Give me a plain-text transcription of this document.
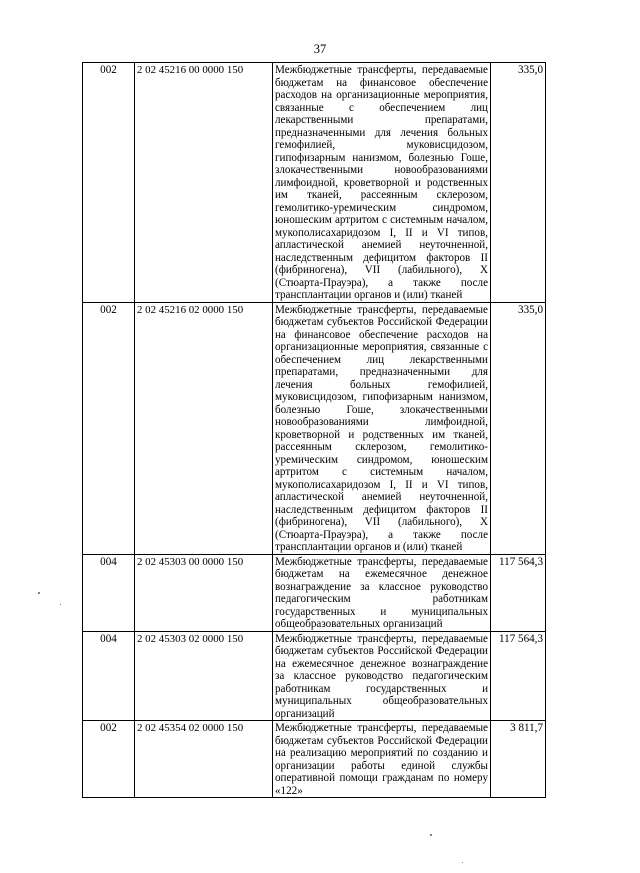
37
002	2 02 45216 00 0000 150	Межбюджетные трансферты, передаваемые бюджетам на финансовое обеспечение расходов на организационные мероприятия, связанные с обеспечением лиц лекарственными препаратами, предназначенными для лечения больных гемофилией, муковисцидозом, гипофизарным нанизмом, болезнью Гоше, злокачественными новообразованиями лимфоидной, кроветворной и родственных им тканей, рассеянным склерозом, гемолитико-уремическим синдромом, юношеским артритом с системным началом, мукополисахаридозом I, II и VI типов, апластической анемией неуточненной, наследственным дефицитом факторов II (фибриногена), VII (лабильного), X (Стюарта-Прауэра), а также после трансплантации органов и (или) тканей	335,0
002	2 02 45216 02 0000 150	Межбюджетные трансферты, передаваемые бюджетам субъектов Российской Федерации на финансовое обеспечение расходов на организационные мероприятия, связанные с обеспечением лиц лекарственными препаратами, предназначенными для лечения больных гемофилией, муковисцидозом, гипофизарным нанизмом, болезнью Гоше, злокачественными новообразованиями лимфоидной, кроветворной и родственных им тканей, рассеянным склерозом, гемолитико-уремическим синдромом, юношеским артритом с системным началом, мукополисахаридозом I, II и VI типов, апластической анемией неуточненной, наследственным дефицитом факторов II (фибриногена), VII (лабильного), X (Стюарта-Прауэра), а также после трансплантации органов и (или) тканей	335,0
004	2 02 45303 00 0000 150	Межбюджетные трансферты, передаваемые бюджетам на ежемесячное денежное вознаграждение за классное руководство педагогическим работникам государственных и муниципальных общеобразовательных организаций	117 564,3
004	2 02 45303 02 0000 150	Межбюджетные трансферты, передаваемые бюджетам субъектов Российской Федерации на ежемесячное денежное вознаграждение за классное руководство педагогическим работникам государственных и муниципальных общеобразовательных организаций	117 564,3
002	2 02 45354 02 0000 150	Межбюджетные трансферты, передаваемые бюджетам субъектов Российской Федерации на реализацию мероприятий по созданию и организации работы единой службы оперативной помощи гражданам по номеру «122»	3 811,7
